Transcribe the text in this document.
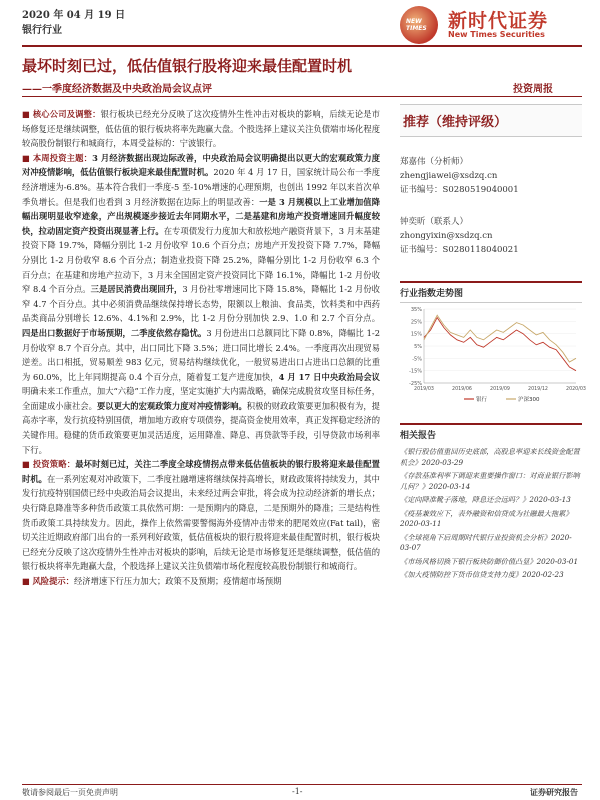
2020 年 04 月 19 日
银行行业
NEW
TIMES 新时代证券
New Times Securities
最坏时刻已过，低估值银行股将迎来最佳配置时机
——一季度经济数据及中央政治局会议点评	投资周报

■ 核心公司及调整：银行板块已经充分反映了这次疫情外生性冲击对板块的影响，后续无论是市场修复还是继续调整，低估值的银行板块将率先跑赢大盘。个股选择上建议关注负债端市场化程度较高股份制银行和城商行，本周受益标的：宁波银行。

■ 本周投资主题：3 月经济数据出现边际改善，中央政治局会议明确提出以更大的宏观政策力度对冲疫情影响，低估值银行板块迎来最佳配置时机。2020 年 4 月 17 日，国家统计局公布一季度经济增速为-6.8%。基本符合我们一季度-5 至-10%增速的心理预期，也创出 1992 年以来首次单季负增长。但是我们也看到 3 月经济数据在边际上的明显改善：一是 3 月规模以上工业增加值降幅出现明显收窄迹象，产出规模逐步接近去年同期水平，二是基建和房地产投资增速回升幅度较快，拉动固定资产投资出现显著上行。在专项债发行力度加大和放松地产融资背景下，3 月末基建投资下降 19.7%，降幅分别比 1-2 月份收窄 10.6 个百分点；房地产开发投资下降 7.7%，降幅分别比 1-2 月份收窄 8.6 个百分点；制造业投资下降 25.2%，降幅分别比 1-2 月份收窄 6.3 个百分点；在基建和房地产拉动下，3 月末全国固定资产投资同比下降 16.1%，降幅比 1-2 月份收窄 8.4 个百分点。三是居民消费出现回升，3 月份社零增速同比下降 15.8%，降幅比 1-2 月份收窄 4.7 个百分点。其中必须消费品继续保持增长态势，限额以上粮油、食品类，饮料类和中西药品类商品分别增长 12.6%、4.1%和 2.9%，比 1-2 月份分别加快 2.9、1.0 和 2.7 个百分点。四是出口数据好于市场预期，二季度依然存隐忧。3 月份进出口总额同比下降 0.8%，降幅比 1-2 月份收窄 8.7 个百分点。其中，出口同比下降 3.5%；进口同比增长 2.4%。一季度再次出现贸易逆差。出口相抵，贸易顺差 983 亿元，贸易结构继续优化，一般贸易进出口占进出口总额的比重为 60.0%，比上年同期提高 0.4 个百分点，随着复工复产进度加快，4 月 17 日中央政治局会议明确未来工作重点，加大“六稳”工作力度，坚定实施扩大内需战略，确保完成脱贫攻坚目标任务，全面建成小康社会。要以更大的宏观政策力度对冲疫情影响。积极的财政政策要更加积极有为，提高赤字率，发行抗疫特别国债，增加地方政府专项债券，提高资金使用效率，真正发挥稳定经济的关键作用。稳健的货币政策要更加灵活适度，运用降准、降息、再贷款等手段，引导贷款市场利率下行。

■ 投资策略：最坏时刻已过，关注二季度全球疫情拐点带来低估值板块的银行股将迎来最佳配置时机。在一系列宏观对冲政策下，二季度社融增速将继续保持高增长，财政政策将持续发力，其中发行抗疫特别国债已经中央政治局会议提出，未来经过两会审批，将会成为拉动经济新的增长点；央行降息降准等多种货币政策工具依然可期：一是预期内的降息，二是预期外的降准；三是结构性货币政策工具持续发力。因此，操作上依然需要警惕海外疫情冲击带来的肥尾效应(Fat tail)，密切关注近期政府部门出台的一系列利好政策，低估值板块的银行股将迎来最佳配置时机，银行板块已经充分反映了这次疫情外生性冲击对板块的影响，后续无论是市场修复还是继续调整，低估值的银行板块将率先跑赢大盘，个股选择上建议关注负债端市场化程度较高股份制银行和城商行。

■ 风险提示：经济增速下行压力加大；政策不及预期；疫情超市场预期

推荐（维持评级）
郑嘉伟（分析师）
zhengjiawei@xsdzq.cn
证书编号：S0280519040001
钟奕昕（联系人）
zhongyixin@xsdzq.cn
证书编号：S0280118040021
行业指数走势图
35%
25%
15%
5%
-5%
-15%
-25%
2019/03	2019/06	2019/09	2019/12	2020/03
银行	沪深300
相关报告
《银行股估值重回历史底部，高股息率迎来长线资金配置机会》2020-03-29
《存款基准利率下调迎来重要操作窗口：对商业银行影响几何？》2020-03-14
《定向降准靴子落地，降息还会远吗？》2020-03-13
《疫基兼效应下，表外融资和信贷成为社融最大拖累》2020-03-11
《全球视角下后周期时代银行业投资机会分析》2020-03-07
《市场风格切换下银行板块防御价值凸显》2020-03-01
《加大疫情防控下货币信贷支持力度》2020-02-23
敬请参阅最后一页免责声明	-1-	证券研究报告
